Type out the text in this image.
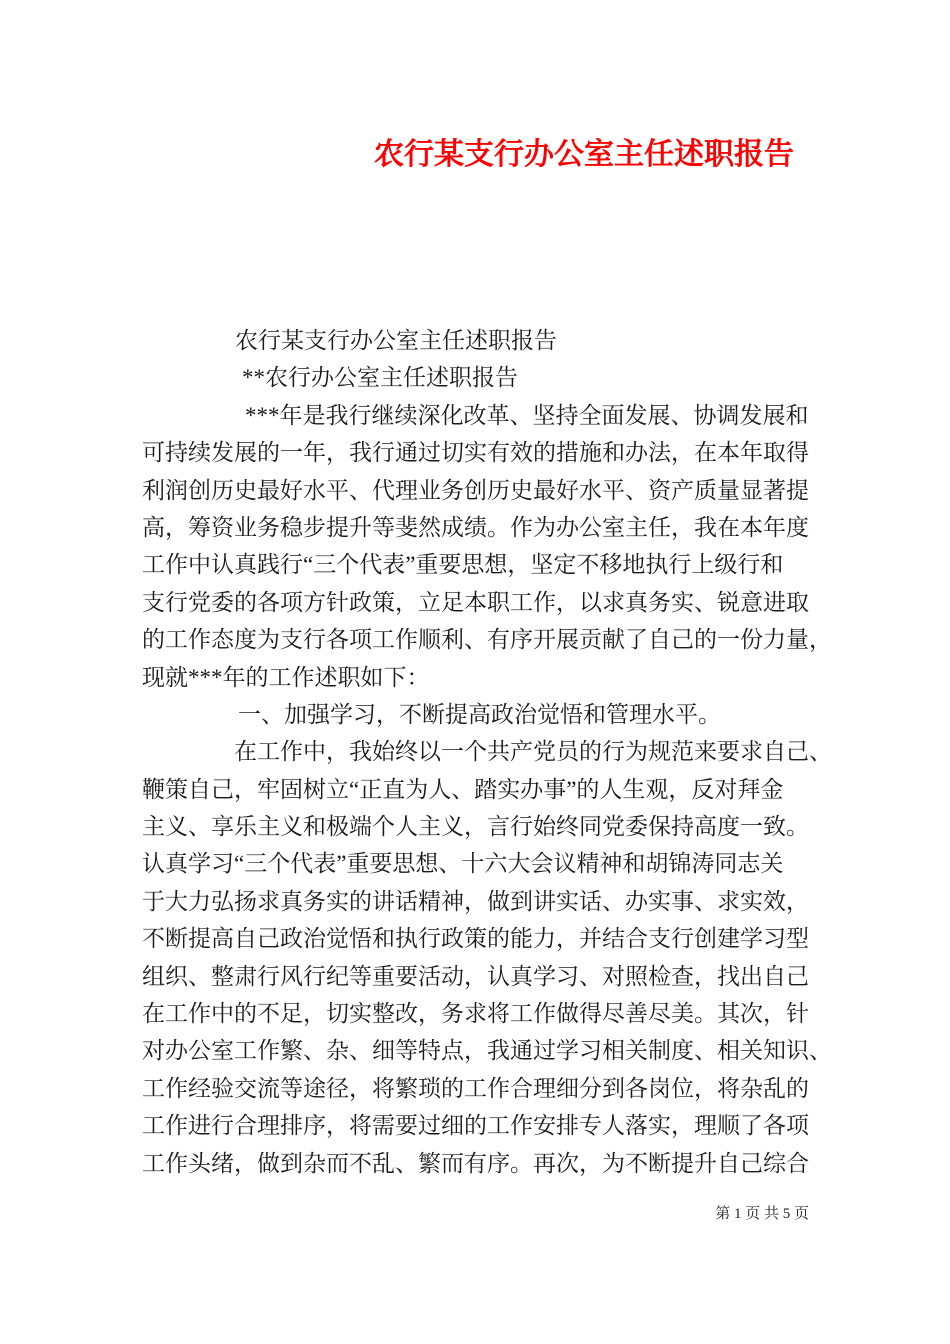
农行某支行办公室主任述职报告
农行某支行办公室主任述职报告
**农行办公室主任述职报告
***年是我行继续深化改革、坚持全面发展、协调发展和
可持续发展的一年，我行通过切实有效的措施和办法，在本年取得
利润创历史最好水平、代理业务创历史最好水平、资产质量显著提
高，筹资业务稳步提升等斐然成绩。作为办公室主任，我在本年度
工作中认真践行“三个代表”重要思想，坚定不移地执行上级行和
支行党委的各项方针政策，立足本职工作，以求真务实、锐意进取
的工作态度为支行各项工作顺利、有序开展贡献了自己的一份力量，
现就***年的工作述职如下：
一、加强学习，不断提高政治觉悟和管理水平。
在工作中，我始终以一个共产党员的行为规范来要求自己、
鞭策自己，牢固树立“正直为人、踏实办事”的人生观，反对拜金
主义、享乐主义和极端个人主义，言行始终同党委保持高度一致。
认真学习“三个代表”重要思想、十六大会议精神和胡锦涛同志关
于大力弘扬求真务实的讲话精神，做到讲实话、办实事、求实效，
不断提高自己政治觉悟和执行政策的能力，并结合支行创建学习型
组织、整肃行风行纪等重要活动，认真学习、对照检查，找出自己
在工作中的不足，切实整改，务求将工作做得尽善尽美。其次，针
对办公室工作繁、杂、细等特点，我通过学习相关制度、相关知识、
工作经验交流等途径，将繁琐的工作合理细分到各岗位，将杂乱的
工作进行合理排序，将需要过细的工作安排专人落实，理顺了各项
工作头绪，做到杂而不乱、繁而有序。再次，为不断提升自己综合
第 1 页 共 5 页
